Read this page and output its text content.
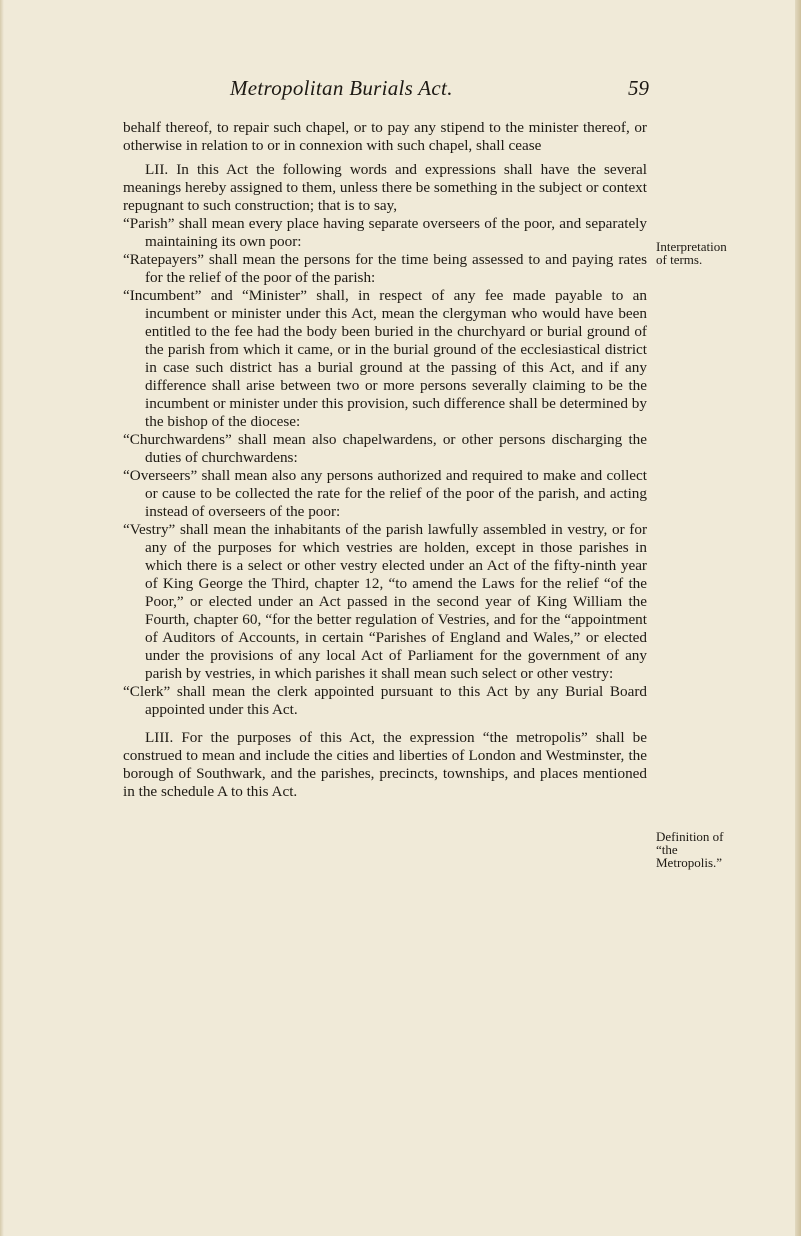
Metropolitan Burials Act.	59

behalf thereof, to repair such chapel, or to pay any stipend to the minister thereof, or otherwise in relation to or in connexion with such chapel, shall cease

LII. In this Act the following words and expressions shall have the several meanings hereby assigned to them, unless there be something in the subject or context repugnant to such construction; that is to say,

“Parish” shall mean every place having separate overseers of the poor, and separately maintaining its own poor:

“Ratepayers” shall mean the persons for the time being assessed to and paying rates for the relief of the poor of the parish:

“Incumbent” and “Minister” shall, in respect of any fee made payable to an incumbent or minister under this Act, mean the clergyman who would have been entitled to the fee had the body been buried in the churchyard or burial ground of the parish from which it came, or in the burial ground of the ecclesiastical district in case such district has a burial ground at the passing of this Act, and if any difference shall arise between two or more persons severally claiming to be the incumbent or minister under this provision, such difference shall be determined by the bishop of the diocese:

“Churchwardens” shall mean also chapelwardens, or other persons discharging the duties of churchwardens:

“Overseers” shall mean also any persons authorized and required to make and collect or cause to be collected the rate for the relief of the poor of the parish, and acting instead of overseers of the poor:

“Vestry” shall mean the inhabitants of the parish lawfully assembled in vestry, or for any of the purposes for which vestries are holden, except in those parishes in which there is a select or other vestry elected under an Act of the fifty-ninth year of King George the Third, chapter 12, “to amend the Laws for the relief “of the Poor,” or elected under an Act passed in the second year of King William the Fourth, chapter 60, “for the better regulation of Vestries, and for the “appointment of Auditors of Accounts, in certain “Parishes of England and Wales,” or elected under the provisions of any local Act of Parliament for the government of any parish by vestries, in which parishes it shall mean such select or other vestry:

“Clerk” shall mean the clerk appointed pursuant to this Act by any Burial Board appointed under this Act.

LIII. For the purposes of this Act, the expression “the metropolis” shall be construed to mean and include the cities and liberties of London and Westminster, the borough of Southwark, and the parishes, precincts, townships, and places mentioned in the schedule A to this Act.

Interpretation of terms.
Definition of “the Metropolis.”
